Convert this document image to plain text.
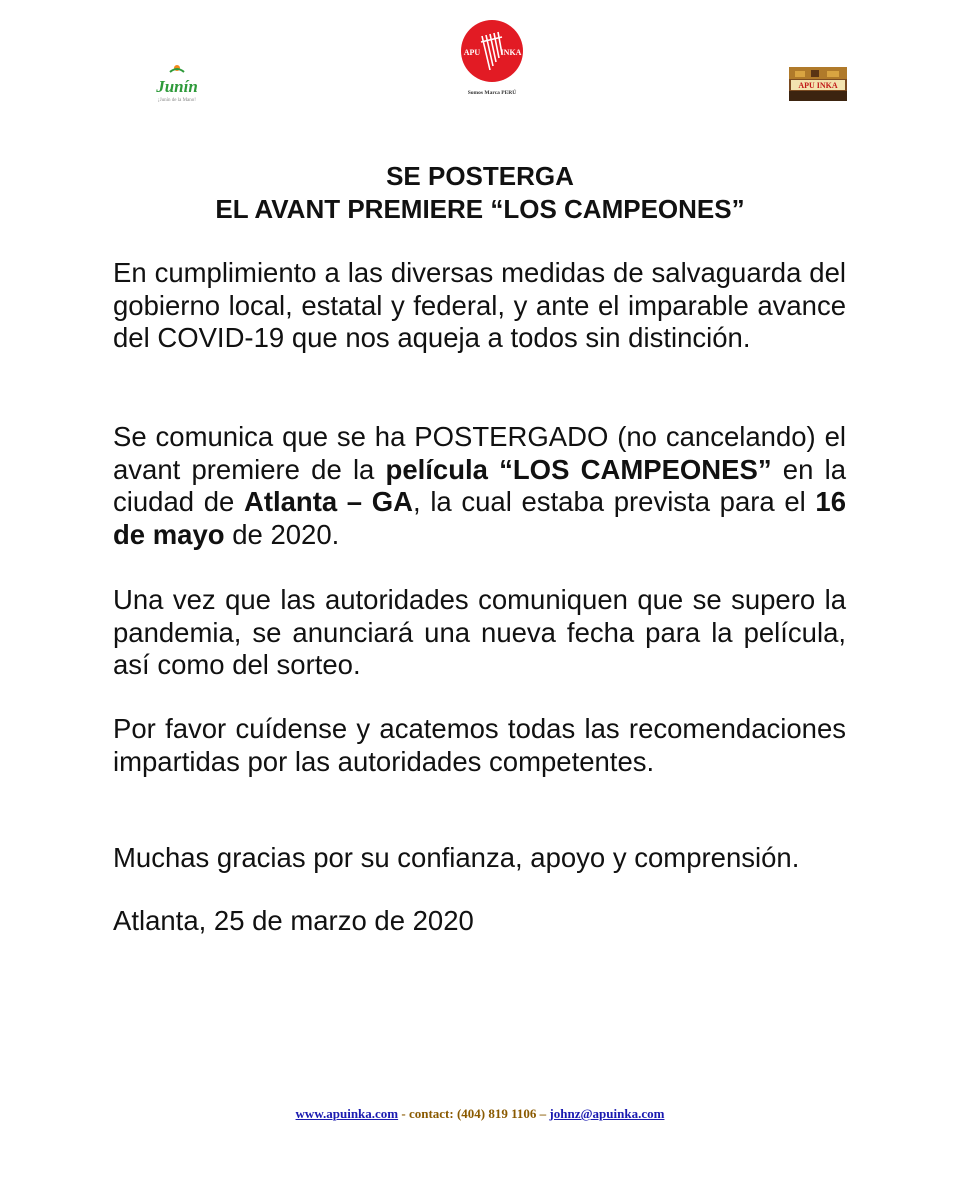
Junín
¡Junín de la Mano!
APU	INKA
Somos Marca PERÚ
APU INKA
SE POSTERGA
EL AVANT PREMIERE “LOS CAMPEONES”

En cumplimiento a las diversas medidas de salvaguarda del gobierno local, estatal y federal, y ante el imparable avance del COVID-19 que nos aqueja a todos sin distinción.

Se comunica que se ha POSTERGADO (no cancelando) el avant premiere de la película “LOS CAMPEONES” en la ciudad de Atlanta – GA, la cual estaba prevista para el 16 de mayo de 2020.

Una vez que las autoridades comuniquen que se supero la pandemia, se anunciará una nueva fecha para la película, así como del sorteo.

Por favor cuídense y acatemos todas las recomendaciones impartidas por las autoridades competentes.

Muchas gracias por su confianza, apoyo y comprensión.

Atlanta, 25 de marzo de 2020

www.apuinka.com - contact: (404) 819 1106 – johnz@apuinka.com
